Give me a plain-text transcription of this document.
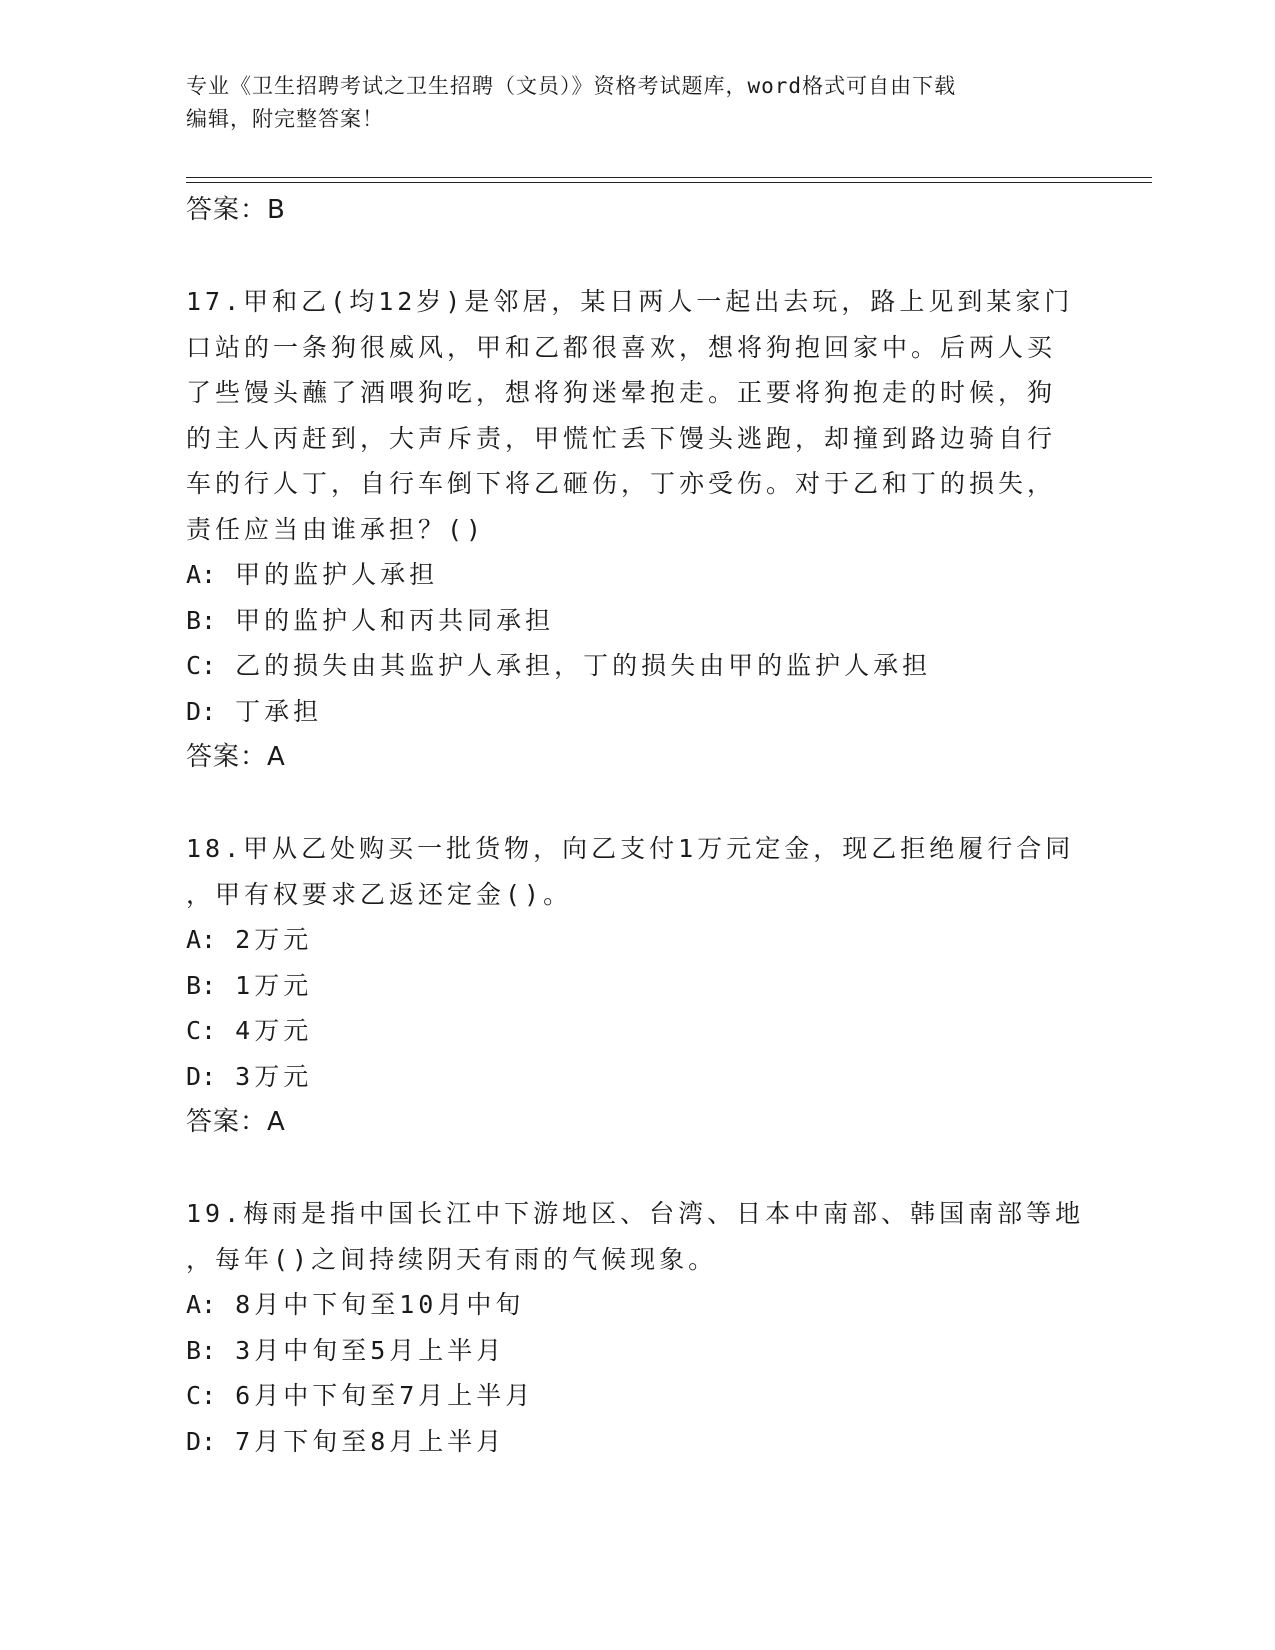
专业《卫生招聘考试之卫生招聘（文员）》资格考试题库，word格式可自由下载
编辑，附完整答案！
答案：B
17.甲和乙(均12岁)是邻居，某日两人一起出去玩，路上见到某家门
口站的一条狗很威风，甲和乙都很喜欢，想将狗抱回家中。后两人买
了些馒头蘸了酒喂狗吃，想将狗迷晕抱走。正要将狗抱走的时候，狗
的主人丙赶到，大声斥责，甲慌忙丢下馒头逃跑，却撞到路边骑自行
车的行人丁，自行车倒下将乙砸伤，丁亦受伤。对于乙和丁的损失，
责任应当由谁承担？()
A: 甲的监护人承担
B: 甲的监护人和丙共同承担
C: 乙的损失由其监护人承担，丁的损失由甲的监护人承担
D: 丁承担
答案：A
18.甲从乙处购买一批货物，向乙支付1万元定金，现乙拒绝履行合同
，甲有权要求乙返还定金()。
A: 2万元
B: 1万元
C: 4万元
D: 3万元
答案：A
19.梅雨是指中国长江中下游地区、台湾、日本中南部、韩国南部等地
，每年()之间持续阴天有雨的气候现象。
A: 8月中下旬至10月中旬
B: 3月中旬至5月上半月
C: 6月中下旬至7月上半月
D: 7月下旬至8月上半月
